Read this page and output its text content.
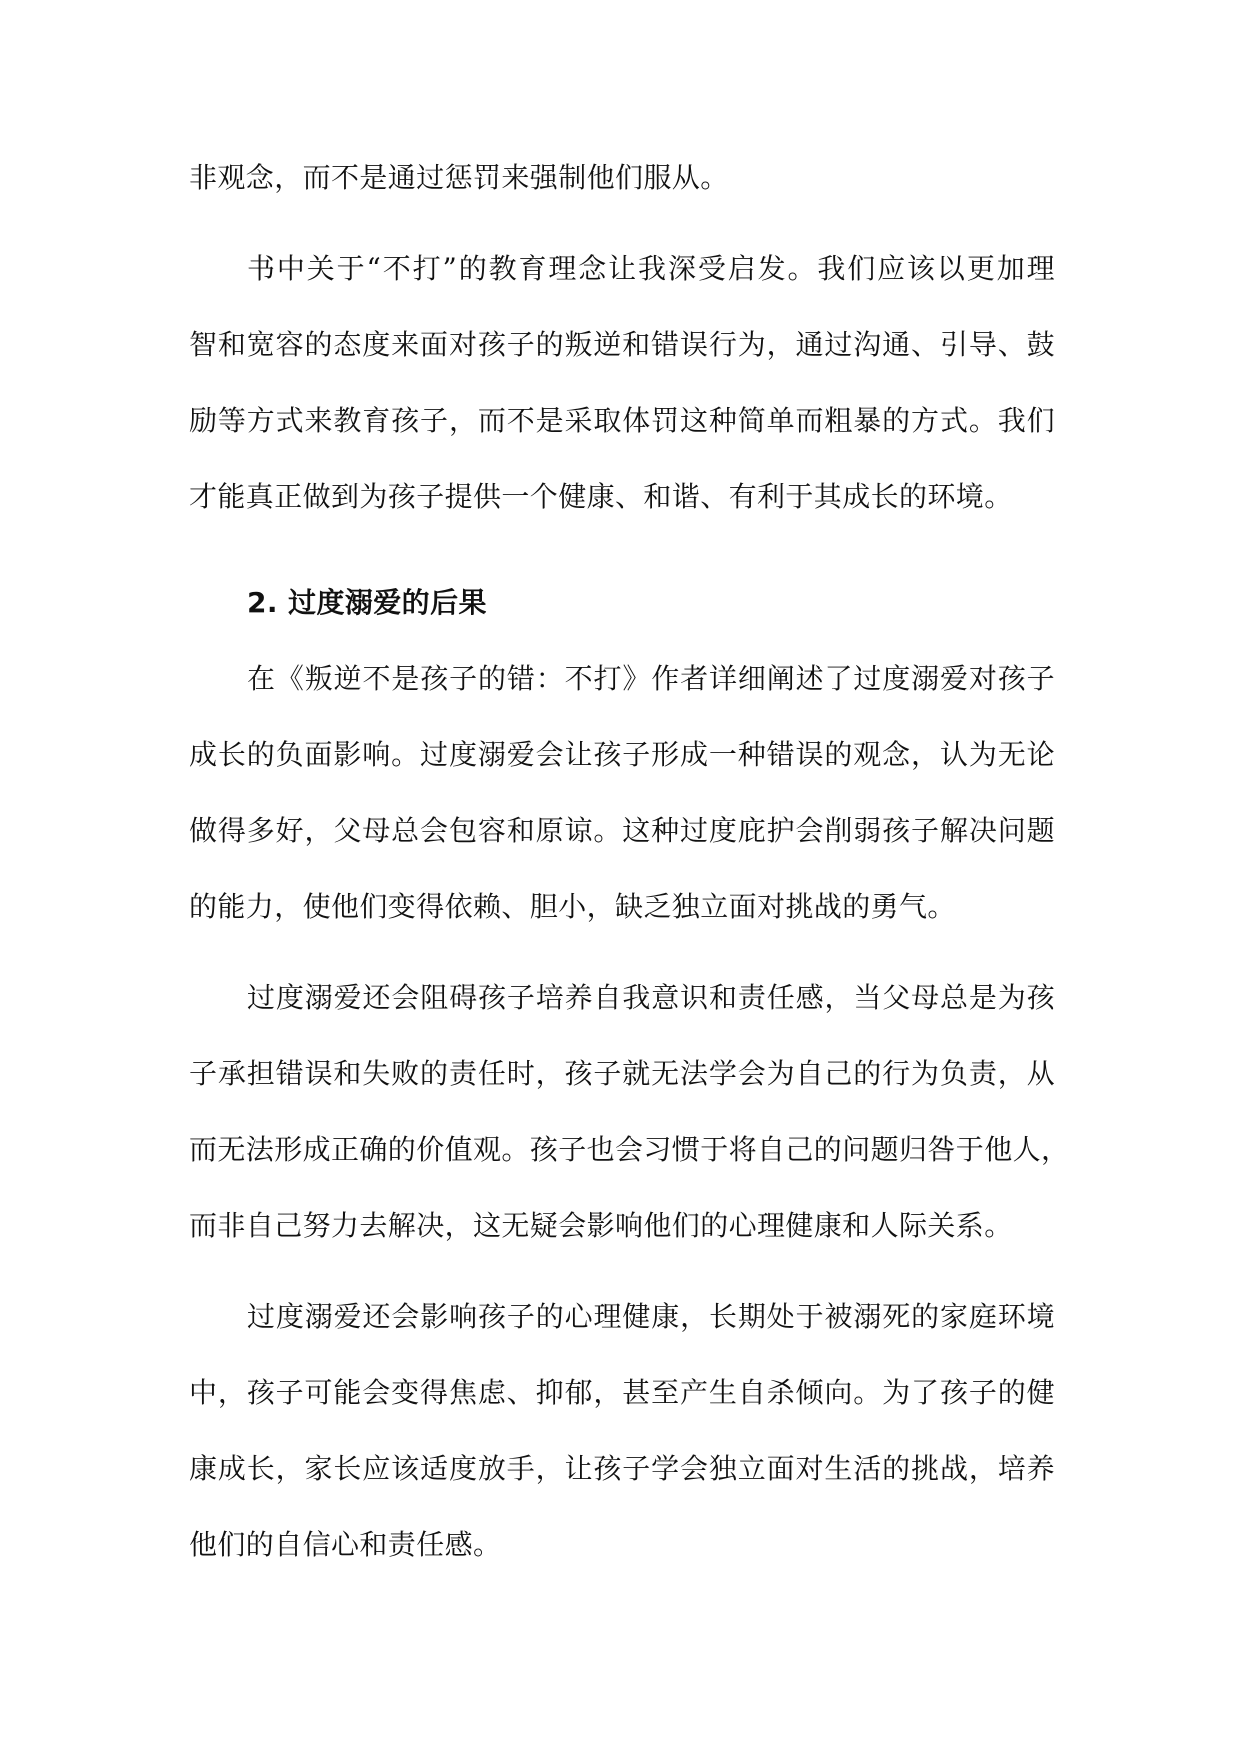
非观念，而不是通过惩罚来强制他们服从。
书中关于“不打”的教育理念让我深受启发。我们应该以更加理
智和宽容的态度来面对孩子的叛逆和错误行为，通过沟通、引导、鼓
励等方式来教育孩子，而不是采取体罚这种简单而粗暴的方式。我们
才能真正做到为孩子提供一个健康、和谐、有利于其成长的环境。
2. 过度溺爱的后果
在《叛逆不是孩子的错：不打》作者详细阐述了过度溺爱对孩子
成长的负面影响。过度溺爱会让孩子形成一种错误的观念，认为无论
做得多好，父母总会包容和原谅。这种过度庇护会削弱孩子解决问题
的能力，使他们变得依赖、胆小，缺乏独立面对挑战的勇气。
过度溺爱还会阻碍孩子培养自我意识和责任感，当父母总是为孩
子承担错误和失败的责任时，孩子就无法学会为自己的行为负责，从
而无法形成正确的价值观。孩子也会习惯于将自己的问题归咎于他人，
而非自己努力去解决，这无疑会影响他们的心理健康和人际关系。
过度溺爱还会影响孩子的心理健康，长期处于被溺死的家庭环境
中，孩子可能会变得焦虑、抑郁，甚至产生自杀倾向。为了孩子的健
康成长，家长应该适度放手，让孩子学会独立面对生活的挑战，培养
他们的自信心和责任感。
